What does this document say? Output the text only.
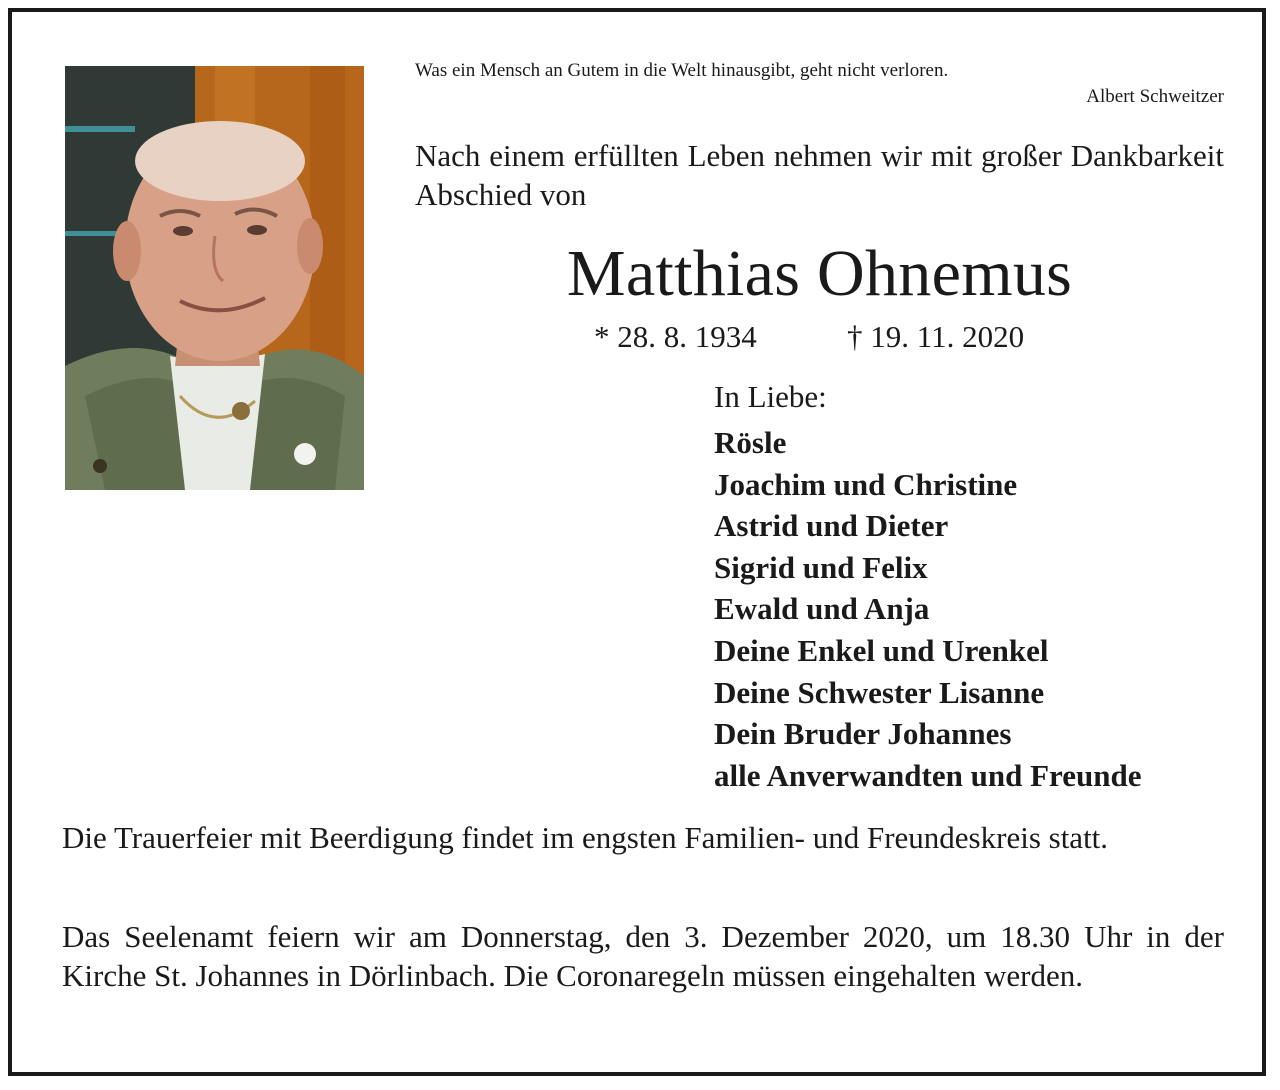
Was ein Mensch an Gutem in die Welt hinausgibt, geht nicht verloren.
Albert Schweitzer
Nach einem erfüllten Leben nehmen wir mit großer Dankbarkeit Abschied von
Matthias Ohnemus
* 28. 8. 1934	† 19. 11. 2020
In Liebe:
Rösle
Joachim und Christine
Astrid und Dieter
Sigrid und Felix
Ewald und Anja
Deine Enkel und Urenkel
Deine Schwester Lisanne
Dein Bruder Johannes
alle Anverwandten und Freunde

Die Trauerfeier mit Beerdigung findet im engsten Familien- und Freundeskreis statt.

Das Seelenamt feiern wir am Donnerstag, den 3. Dezember 2020, um 18.30 Uhr in der Kirche St. Johannes in Dörlinbach. Die Coronaregeln müssen eingehalten werden.
